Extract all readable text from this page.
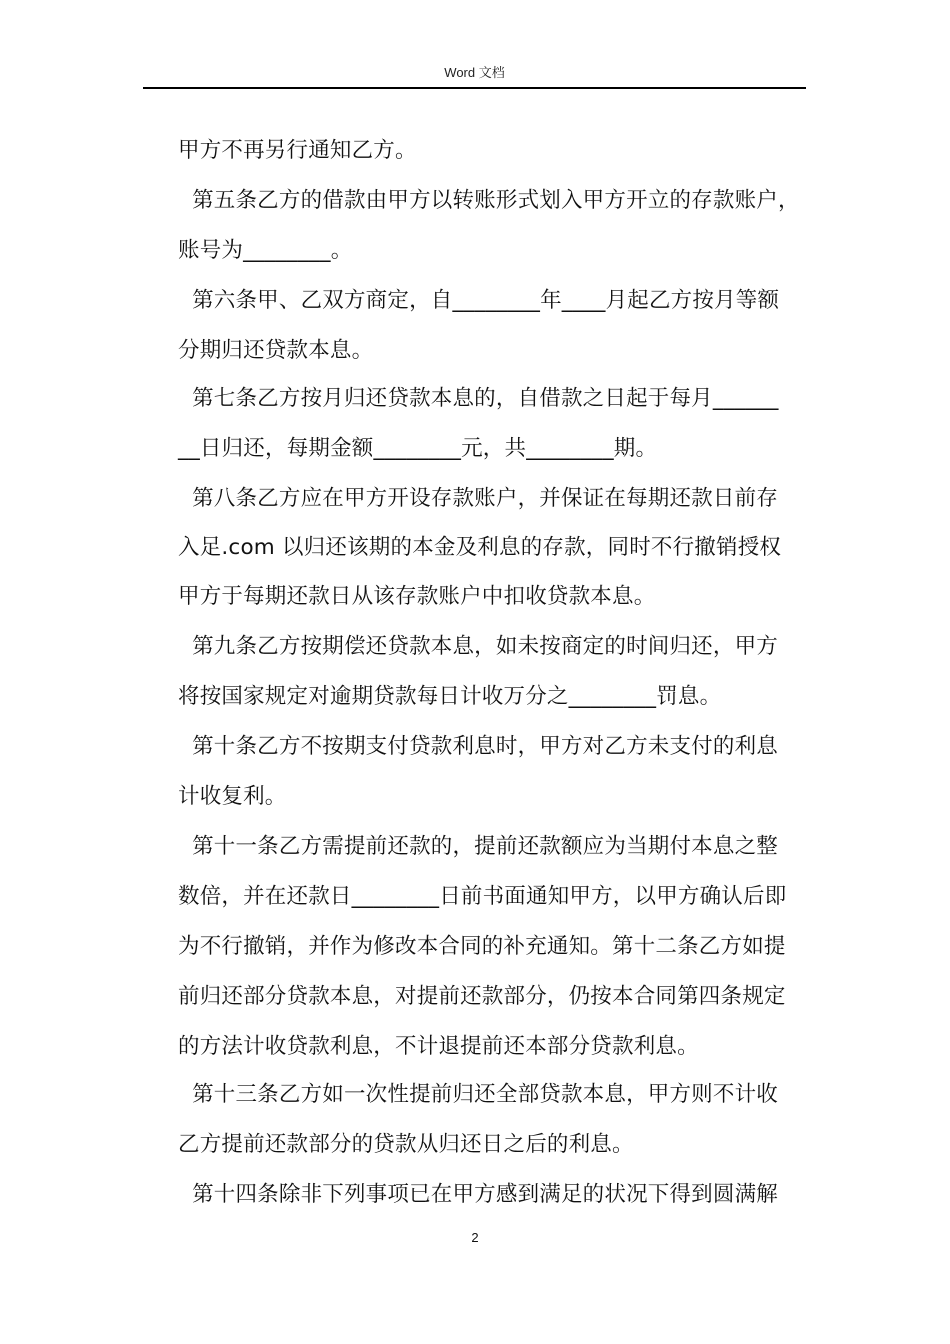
Word 文档
甲方不再另行通知乙方。
第五条乙方的借款由甲方以转账形式划入甲方开立的存款账户，
账号为________。
第六条甲、乙双方商定，自________年____月起乙方按月等额
分期归还贷款本息。
第七条乙方按月归还贷款本息的，自借款之日起于每月______
__日归还，每期金额________元，共________期。
第八条乙方应在甲方开设存款账户，并保证在每期还款日前存
入足.com 以归还该期的本金及利息的存款，同时不行撤销授权
甲方于每期还款日从该存款账户中扣收贷款本息。
第九条乙方按期偿还贷款本息，如未按商定的时间归还，甲方
将按国家规定对逾期贷款每日计收万分之________罚息。
第十条乙方不按期支付贷款利息时，甲方对乙方未支付的利息
计收复利。
第十一条乙方需提前还款的，提前还款额应为当期付本息之整
数倍，并在还款日________日前书面通知甲方，以甲方确认后即
为不行撤销，并作为修改本合同的补充通知。第十二条乙方如提
前归还部分贷款本息，对提前还款部分，仍按本合同第四条规定
的方法计收贷款利息，不计退提前还本部分贷款利息。
第十三条乙方如一次性提前归还全部贷款本息，甲方则不计收
乙方提前还款部分的贷款从归还日之后的利息。
第十四条除非下列事项已在甲方感到满足的状况下得到圆满解
2
